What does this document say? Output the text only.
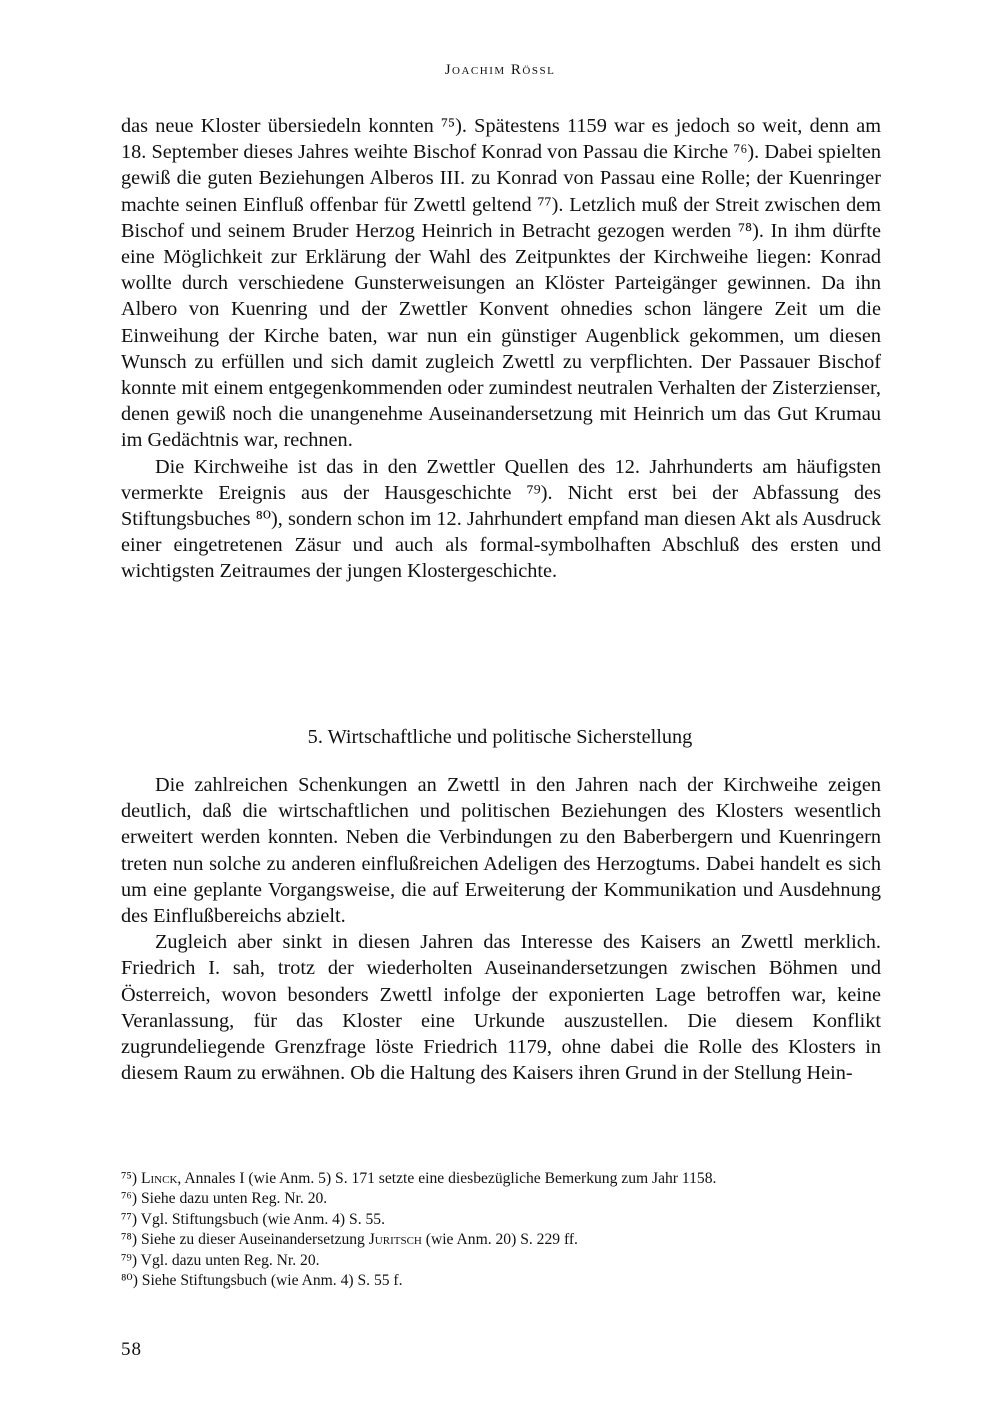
Joachim Rössl

das neue Kloster übersiedeln konnten ⁷⁵). Spätestens 1159 war es jedoch so weit, denn am 18. September dieses Jahres weihte Bischof Konrad von Passau die Kirche ⁷⁶). Dabei spielten gewiß die guten Beziehungen Alberos III. zu Konrad von Passau eine Rolle; der Kuenringer machte seinen Einfluß offenbar für Zwettl geltend ⁷⁷). Letzlich muß der Streit zwischen dem Bischof und seinem Bruder Herzog Heinrich in Betracht gezogen werden ⁷⁸). In ihm dürfte eine Möglichkeit zur Erklärung der Wahl des Zeitpunktes der Kirchweihe liegen: Konrad wollte durch verschiedene Gunsterweisungen an Klöster Parteigänger gewinnen. Da ihn Albero von Kuenring und der Zwettler Konvent ohnedies schon längere Zeit um die Einweihung der Kirche baten, war nun ein günstiger Augenblick gekommen, um diesen Wunsch zu erfüllen und sich damit zugleich Zwettl zu verpflichten. Der Passauer Bischof konnte mit einem entgegenkommenden oder zumindest neutralen Verhalten der Zisterzienser, denen gewiß noch die unangenehme Auseinandersetzung mit Heinrich um das Gut Krumau im Gedächtnis war, rechnen.

Die Kirchweihe ist das in den Zwettler Quellen des 12. Jahrhunderts am häufigsten vermerkte Ereignis aus der Hausgeschichte ⁷⁹). Nicht erst bei der Abfassung des Stiftungsbuches ⁸⁰), sondern schon im 12. Jahrhundert empfand man diesen Akt als Ausdruck einer eingetretenen Zäsur und auch als formal-symbolhaften Abschluß des ersten und wichtigsten Zeitraumes der jungen Klostergeschichte.

5. Wirtschaftliche und politische Sicherstellung

Die zahlreichen Schenkungen an Zwettl in den Jahren nach der Kirchweihe zeigen deutlich, daß die wirtschaftlichen und politischen Beziehungen des Klosters wesentlich erweitert werden konnten. Neben die Verbindungen zu den Baberbergern und Kuenringern treten nun solche zu anderen einflußreichen Adeligen des Herzogtums. Dabei handelt es sich um eine geplante Vorgangsweise, die auf Erweiterung der Kommunikation und Ausdehnung des Einflußbereichs abzielt.

Zugleich aber sinkt in diesen Jahren das Interesse des Kaisers an Zwettl merklich. Friedrich I. sah, trotz der wiederholten Auseinandersetzungen zwischen Böhmen und Österreich, wovon besonders Zwettl infolge der exponierten Lage betroffen war, keine Veranlassung, für das Kloster eine Urkunde auszustellen. Die diesem Konflikt zugrundeliegende Grenzfrage löste Friedrich 1179, ohne dabei die Rolle des Klosters in diesem Raum zu erwähnen. Ob die Haltung des Kaisers ihren Grund in der Stellung Hein-

⁷⁵) Linck, Annales I (wie Anm. 5) S. 171 setzte eine diesbezügliche Bemerkung zum Jahr 1158.

⁷⁶) Siehe dazu unten Reg. Nr. 20.

⁷⁷) Vgl. Stiftungsbuch (wie Anm. 4) S. 55.

⁷⁸) Siehe zu dieser Auseinandersetzung Juritsch (wie Anm. 20) S. 229 ff.

⁷⁹) Vgl. dazu unten Reg. Nr. 20.

⁸⁰) Siehe Stiftungsbuch (wie Anm. 4) S. 55 f.

58
